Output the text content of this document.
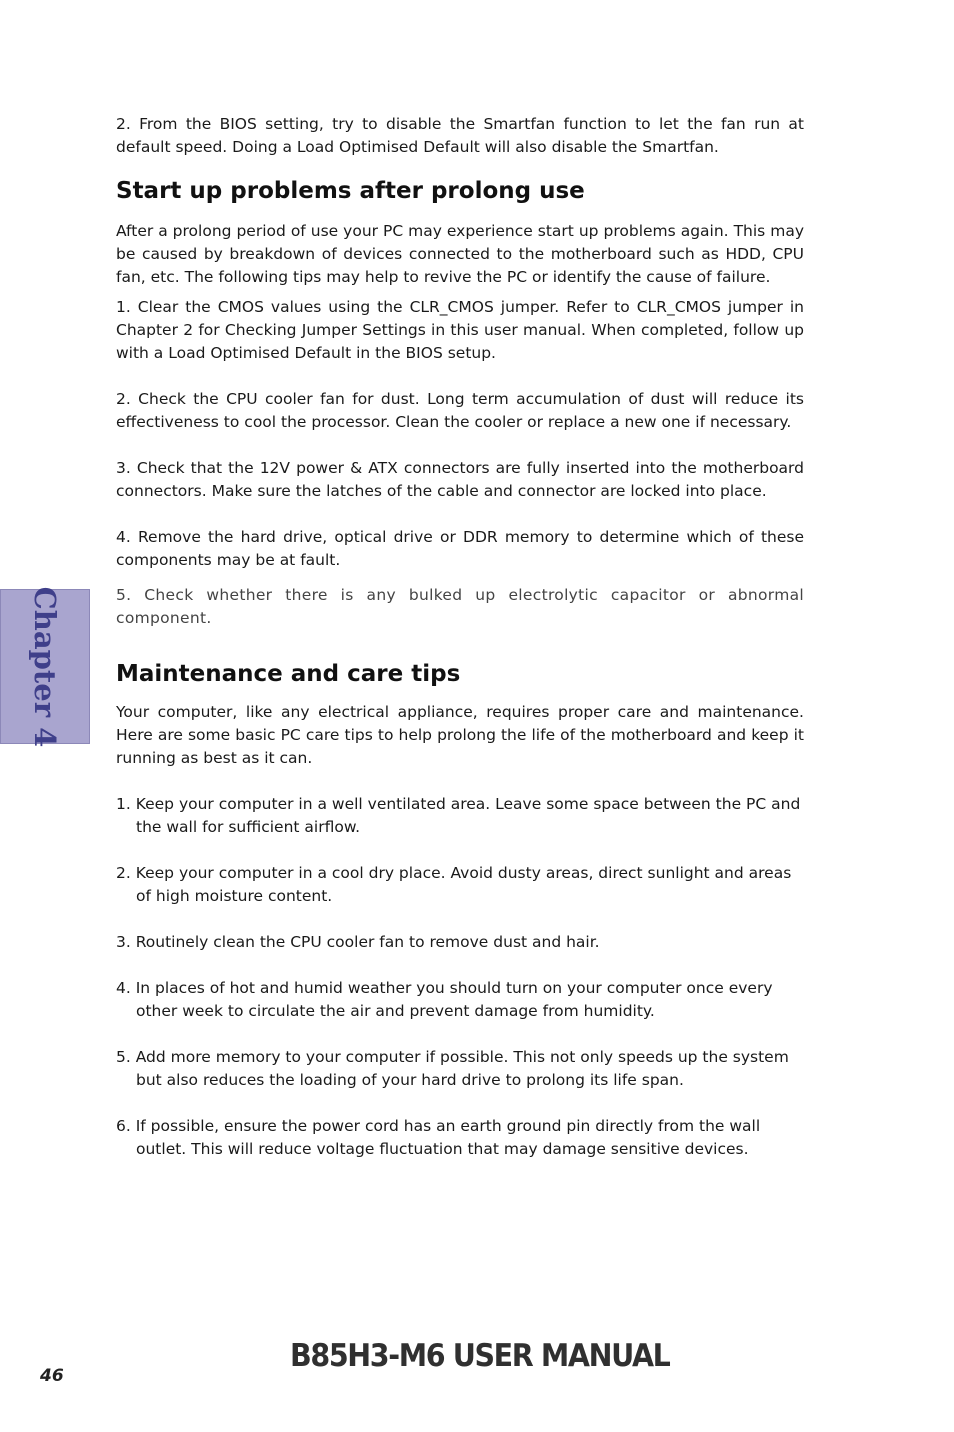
2. From the BIOS setting, try to disable the Smartfan function to let the fan run at default speed. Doing a Load Optimised Default will also disable the Smartfan.

Start up problems after prolong use

After a prolong period of use your PC may experience start up problems again. This may be caused by breakdown of devices connected to the motherboard such as HDD, CPU fan, etc. The following tips may help to revive the PC or identify the cause of failure.

1. Clear the CMOS values using the CLR_CMOS jumper. Refer to CLR_CMOS jumper in Chapter 2 for Checking Jumper Settings in this user manual. When completed, follow up with a Load Optimised Default in the BIOS setup.

2. Check the CPU cooler fan for dust. Long term accumulation of dust will reduce its effectiveness to cool the processor. Clean the cooler or replace a new one if necessary.

3. Check that the 12V power & ATX connectors are fully inserted into the motherboard connectors. Make sure the latches of the cable and connector are locked into place.

4. Remove the hard drive, optical drive or DDR memory to determine which of these components may be at fault.

5. Check whether there is any bulked up electrolytic capacitor or abnormal component.

Maintenance and care tips

Your computer, like any electrical appliance, requires proper care and maintenance. Here are some basic PC care tips to help prolong the life of the motherboard and keep it running as best as it can.

1. Keep your computer in a well ventilated area. Leave some space between the PC and the wall for sufficient airflow.

2. Keep your computer in a cool dry place. Avoid dusty areas, direct sunlight and areas of high moisture content.

3. Routinely clean the CPU cooler fan to remove dust and hair.

4. In places of hot and humid weather you should turn on your computer once every other week to circulate the air and prevent damage from humidity.

5. Add more memory to your computer if possible. This not only speeds up the system but also reduces the loading of your hard drive to prolong its life span.

6. If possible, ensure the power cord has an earth ground pin directly from the wall outlet. This will reduce voltage fluctuation that may damage sensitive devices.

Chapter 4
46
B85H3-M6 USER MANUAL
